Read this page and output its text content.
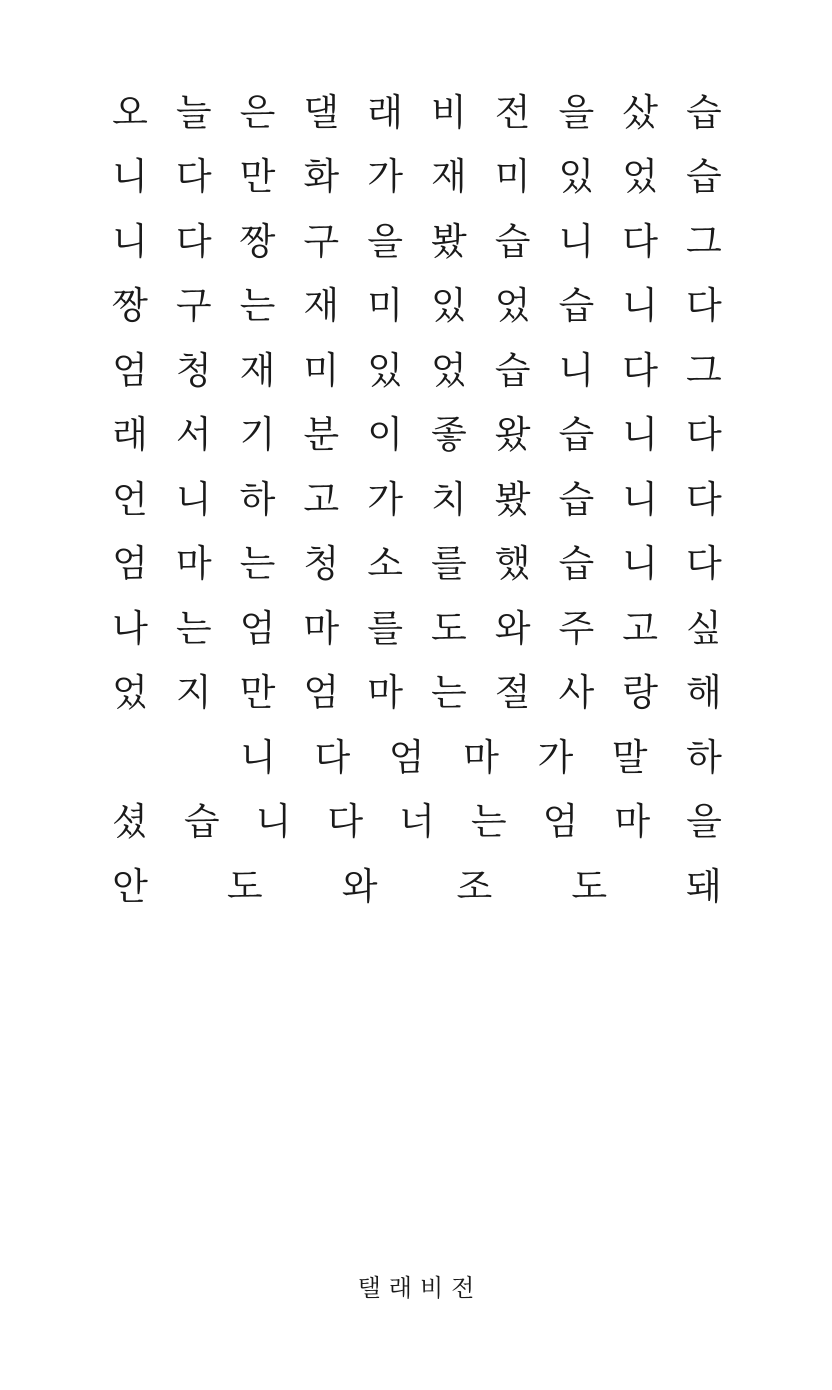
오 늘 은 댈 래 비 전 을 샀 습
니 다 만 화 가 재 미 있 었 습
니 다 짱 구 을 봤 습 니 다 그
짱 구 는 재 미 있 었 습 니 다
엄 청 재 미 있 었 습 니 다 그
래 서 기 분 이 좋 왔 습 니 다
언 니 하 고 가 치 봤 습 니 다
엄 마 는 청 소 를 했 습 니 다
나 는 엄 마 를 도 와 주 고 싶
었 지 만 엄 마 는 절 사 랑 해
니 다 엄 마 가 말 하
셨 습 니 다 너 는 엄 마 을
안 도 와 조 도 돼
탤래비전
